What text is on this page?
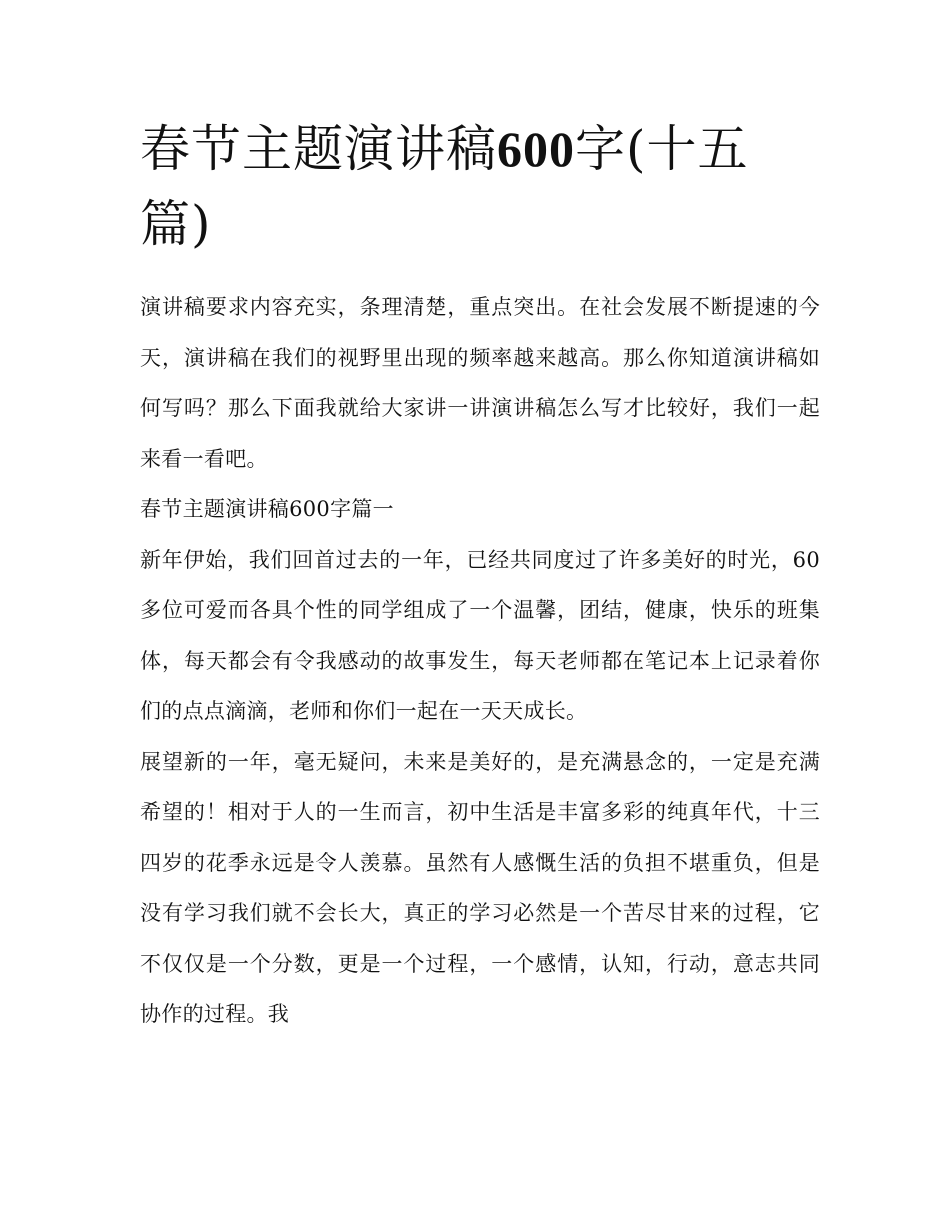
春节主题演讲稿600字(十五篇)

演讲稿要求内容充实，条理清楚，重点突出。在社会发展不断提速的今天，演讲稿在我们的视野里出现的频率越来越高。那么你知道演讲稿如何写吗？那么下面我就给大家讲一讲演讲稿怎么写才比较好，我们一起来看一看吧。

春节主题演讲稿600字篇一

新年伊始，我们回首过去的一年，已经共同度过了许多美好的时光，60多位可爱而各具个性的同学组成了一个温馨，团结，健康，快乐的班集体，每天都会有令我感动的故事发生，每天老师都在笔记本上记录着你们的点点滴滴，老师和你们一起在一天天成长。

展望新的一年，毫无疑问，未来是美好的，是充满悬念的，一定是充满希望的！相对于人的一生而言，初中生活是丰富多彩的纯真年代，十三四岁的花季永远是令人羡慕。虽然有人感慨生活的负担不堪重负，但是没有学习我们就不会长大，真正的学习必然是一个苦尽甘来的过程，它不仅仅是一个分数，更是一个过程，一个感情，认知，行动，意志共同协作的过程。我
